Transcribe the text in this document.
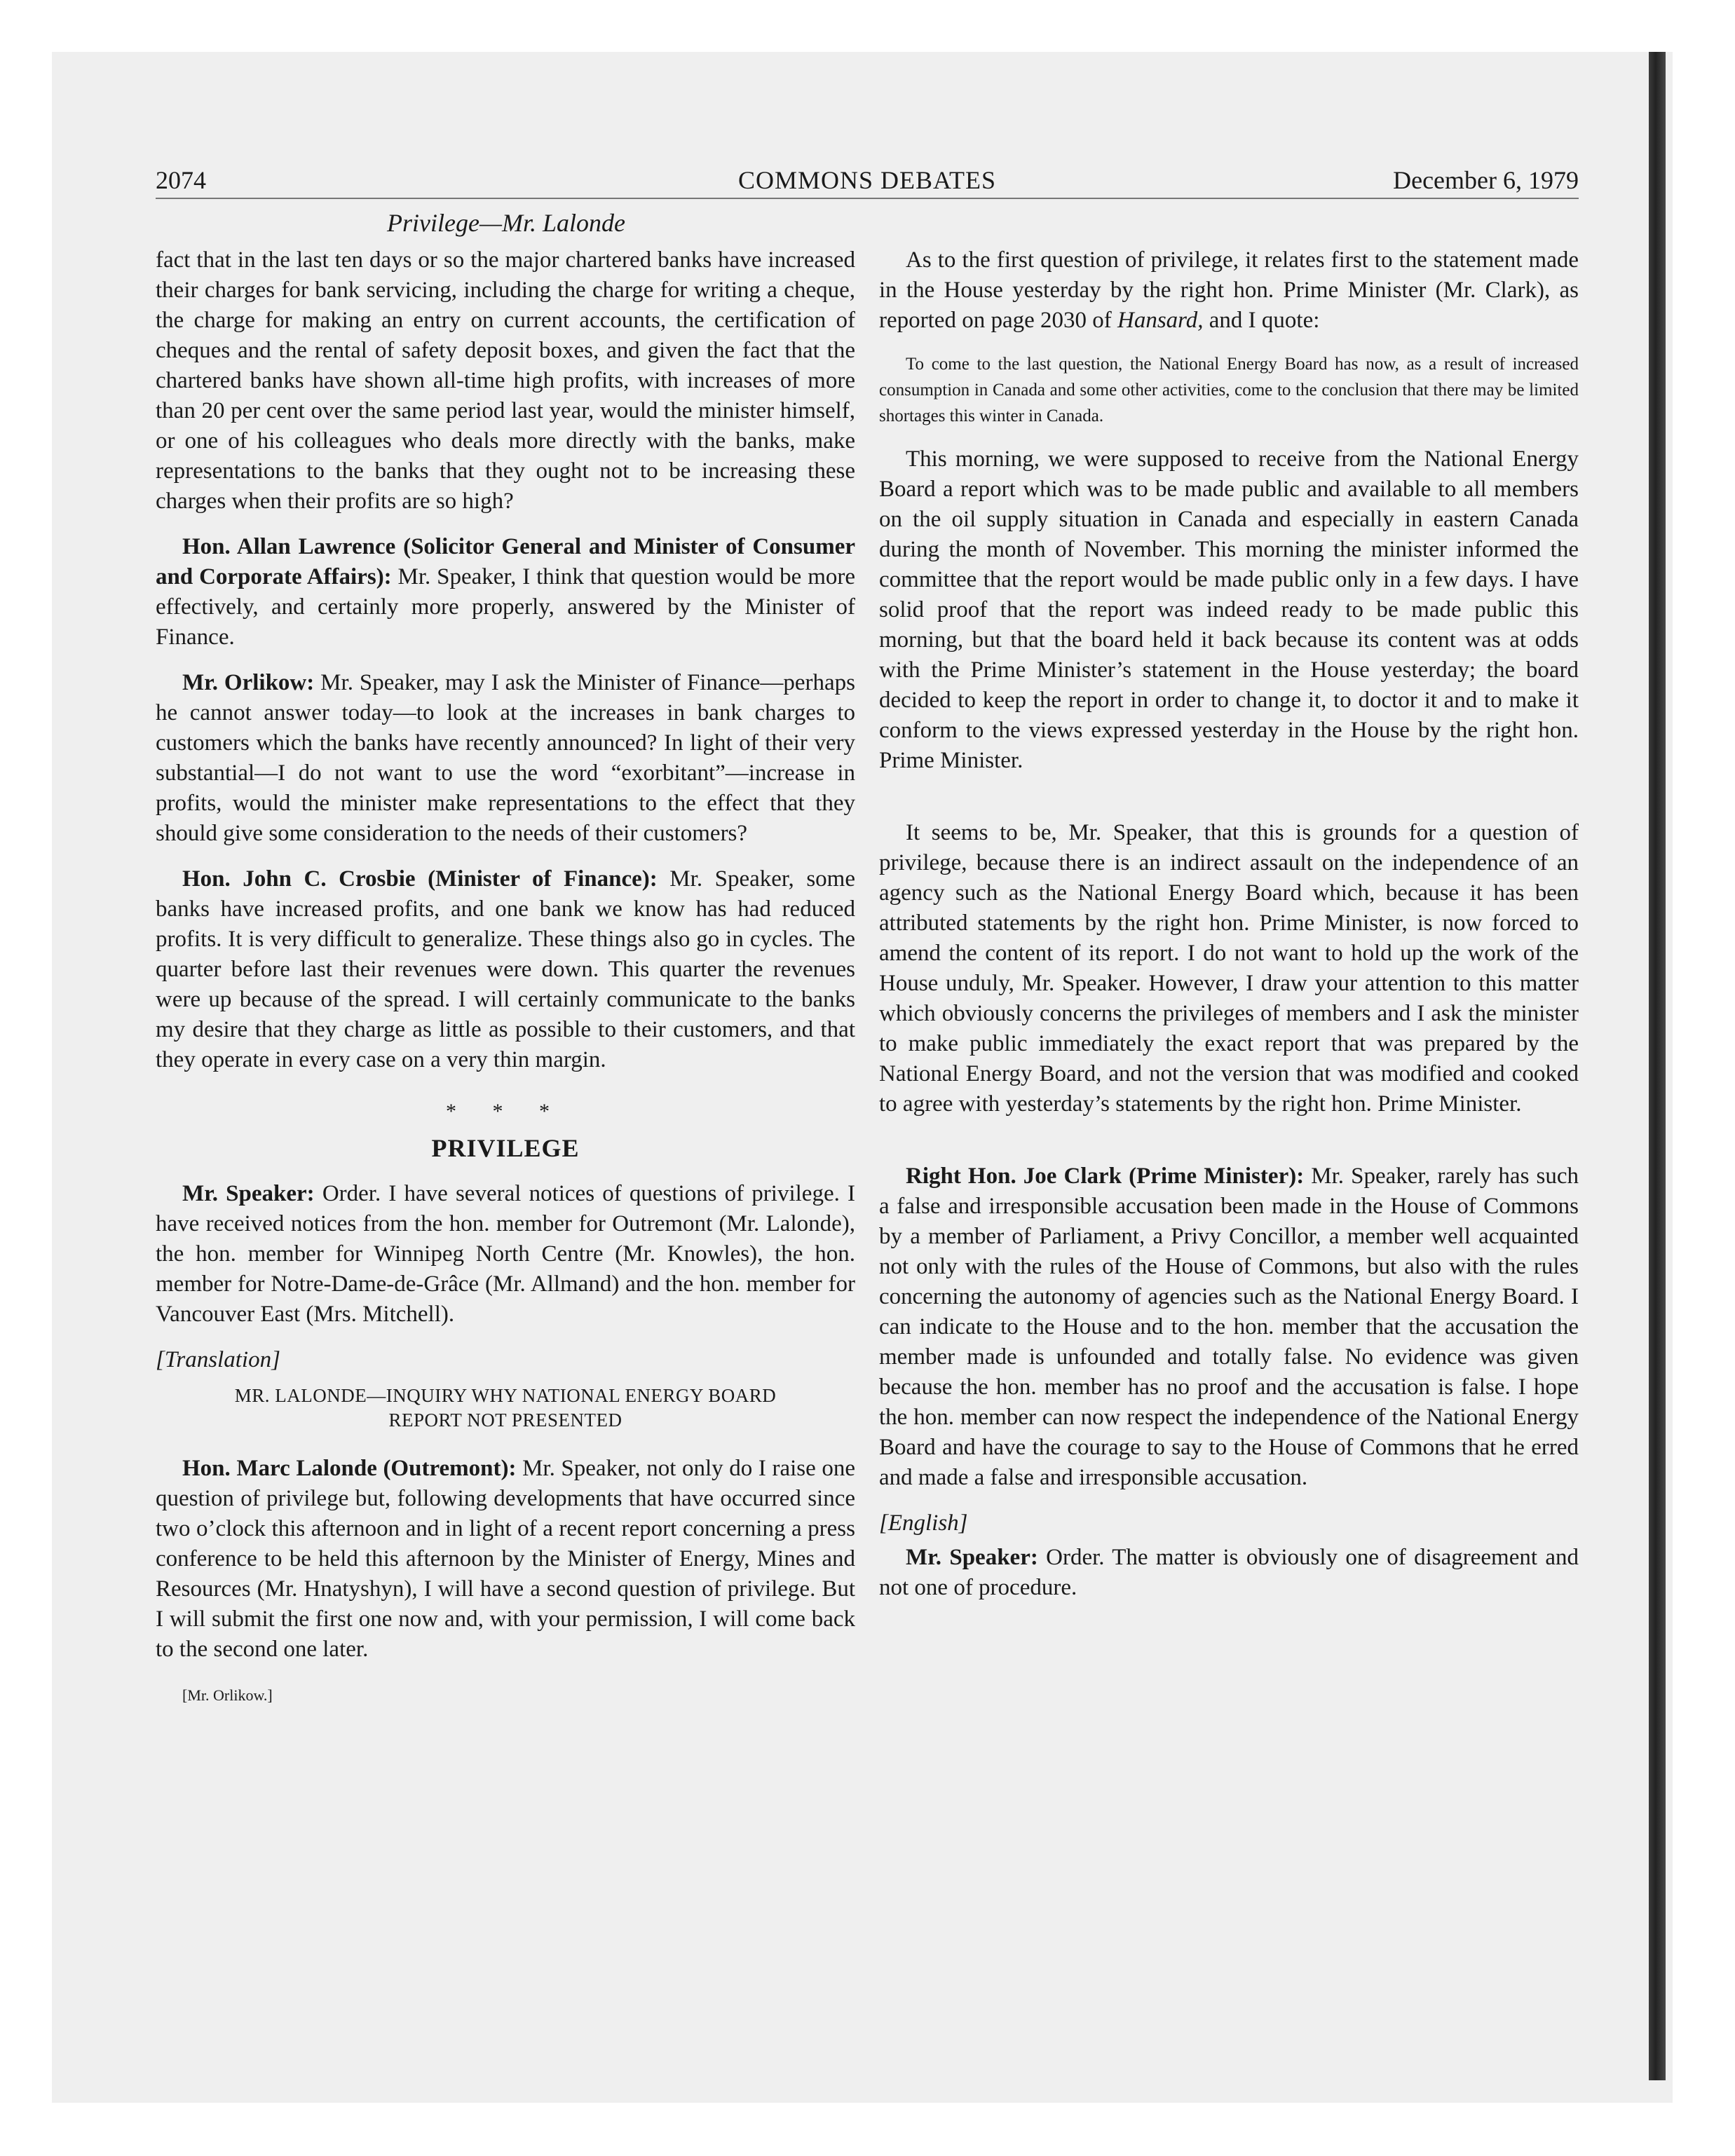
2074	COMMONS DEBATES	December 6, 1979
Privilege—Mr. Lalonde

fact that in the last ten days or so the major chartered banks have increased their charges for bank servicing, including the charge for writing a cheque, the charge for making an entry on current accounts, the certification of cheques and the rental of safety deposit boxes, and given the fact that the chartered banks have shown all-time high profits, with increases of more than 20 per cent over the same period last year, would the minister himself, or one of his colleagues who deals more directly with the banks, make representations to the banks that they ought not to be increasing these charges when their profits are so high?

Hon. Allan Lawrence (Solicitor General and Minister of Consumer and Corporate Affairs): Mr. Speaker, I think that question would be more effectively, and certainly more properly, answered by the Minister of Finance.

Mr. Orlikow: Mr. Speaker, may I ask the Minister of Finance—perhaps he cannot answer today—to look at the increases in bank charges to customers which the banks have recently announced? In light of their very substantial—I do not want to use the word “exorbitant”—increase in profits, would the minister make representations to the effect that they should give some consideration to the needs of their customers?

Hon. John C. Crosbie (Minister of Finance): Mr. Speaker, some banks have increased profits, and one bank we know has had reduced profits. It is very difficult to generalize. These things also go in cycles. The quarter before last their revenues were down. This quarter the revenues were up because of the spread. I will certainly communicate to the banks my desire that they charge as little as possible to their customers, and that they operate in every case on a very thin margin.

* * *
PRIVILEGE

Mr. Speaker: Order. I have several notices of questions of privilege. I have received notices from the hon. member for Outremont (Mr. Lalonde), the hon. member for Winnipeg North Centre (Mr. Knowles), the hon. member for Notre-Dame-de-Grâce (Mr. Allmand) and the hon. member for Vancouver East (Mrs. Mitchell).

[Translation]

MR. LALONDE—INQUIRY WHY NATIONAL ENERGY BOARD REPORT NOT PRESENTED

Hon. Marc Lalonde (Outremont): Mr. Speaker, not only do I raise one question of privilege but, following developments that have occurred since two o’clock this afternoon and in light of a recent report concerning a press conference to be held this afternoon by the Minister of Energy, Mines and Resources (Mr. Hnatyshyn), I will have a second question of privilege. But I will submit the first one now and, with your permission, I will come back to the second one later.

[Mr. Orlikow.]

As to the first question of privilege, it relates first to the statement made in the House yesterday by the right hon. Prime Minister (Mr. Clark), as reported on page 2030 of Hansard, and I quote:

To come to the last question, the National Energy Board has now, as a result of increased consumption in Canada and some other activities, come to the conclusion that there may be limited shortages this winter in Canada.

This morning, we were supposed to receive from the National Energy Board a report which was to be made public and available to all members on the oil supply situation in Canada and especially in eastern Canada during the month of November. This morning the minister informed the committee that the report would be made public only in a few days. I have solid proof that the report was indeed ready to be made public this morning, but that the board held it back because its content was at odds with the Prime Minister’s statement in the House yesterday; the board decided to keep the report in order to change it, to doctor it and to make it conform to the views expressed yesterday in the House by the right hon. Prime Minister.

It seems to be, Mr. Speaker, that this is grounds for a question of privilege, because there is an indirect assault on the independence of an agency such as the National Energy Board which, because it has been attributed statements by the right hon. Prime Minister, is now forced to amend the content of its report. I do not want to hold up the work of the House unduly, Mr. Speaker. However, I draw your attention to this matter which obviously concerns the privileges of members and I ask the minister to make public immediately the exact report that was prepared by the National Energy Board, and not the version that was modified and cooked to agree with yesterday’s statements by the right hon. Prime Minister.

Right Hon. Joe Clark (Prime Minister): Mr. Speaker, rarely has such a false and irresponsible accusation been made in the House of Commons by a member of Parliament, a Privy Concillor, a member well acquainted not only with the rules of the House of Commons, but also with the rules concerning the autonomy of agencies such as the National Energy Board. I can indicate to the House and to the hon. member that the accusation the member made is unfounded and totally false. No evidence was given because the hon. member has no proof and the accusation is false. I hope the hon. member can now respect the independence of the National Energy Board and have the courage to say to the House of Commons that he erred and made a false and irresponsible accusation.

[English]

Mr. Speaker: Order. The matter is obviously one of disagreement and not one of procedure.
